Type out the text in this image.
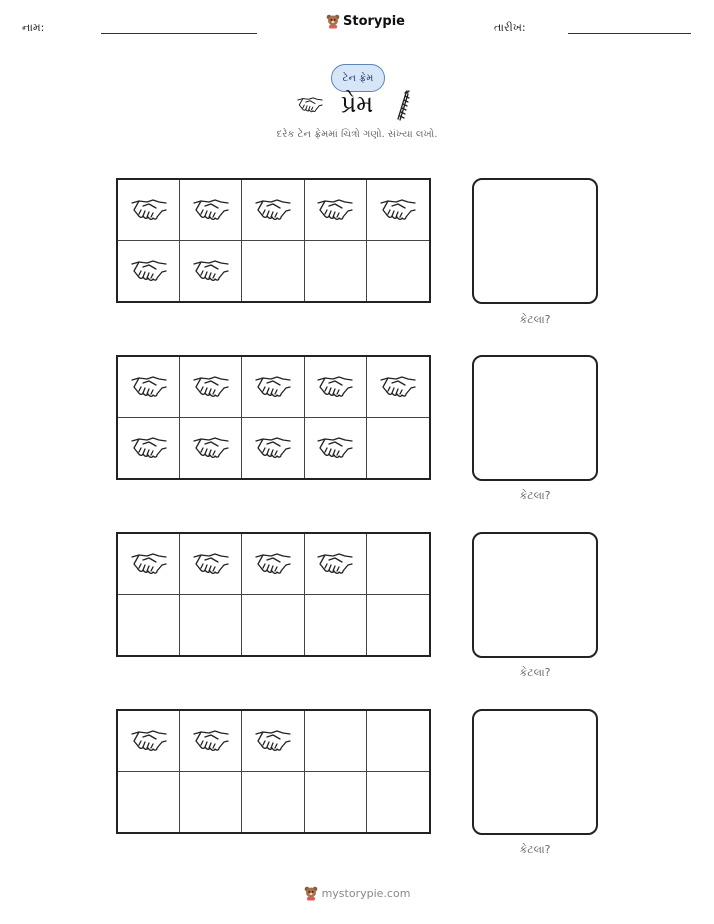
નામ:	Storypie	તારીખ:
ટેન ફ્રેમ
પ્રેમ
દરેક ટેન ફ્રેમમાં ચિત્રો ગણો. સંખ્યા લખો.
કેટલા?
કેટલા?
કેટલા?
કેટલા?
mystorypie.com
